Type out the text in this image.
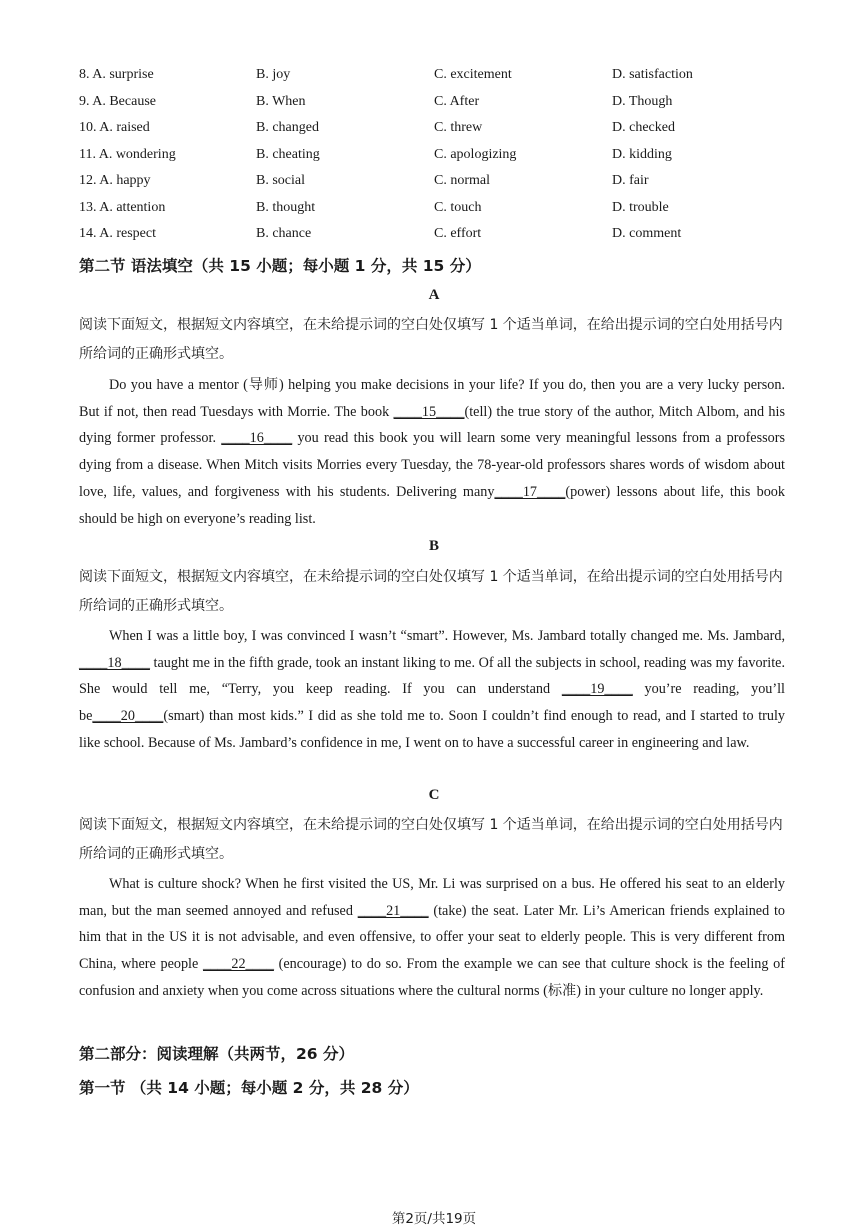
8. A. surprise	B. joy	C. excitement	D. satisfaction
9. A. Because	B. When	C. After	D. Though
10. A. raised	B. changed	C. threw	D. checked
11. A. wondering	B. cheating	C. apologizing	D. kidding
12. A. happy	B. social	C. normal	D. fair
13. A. attention	B. thought	C. touch	D. trouble
14. A. respect	B. chance	C. effort	D. comment
第二节 语法填空（共 15 小题；每小题 1 分，共 15 分）
A
阅读下面短文，根据短文内容填空，在未给提示词的空白处仅填写 1 个适当单词，在给出提示词的空白处用括号内所给词的正确形式填空。
Do you have a mentor (导师) helping you make decisions in your life? If you do, then you are a very lucky person. But if not, then read Tuesdays with Morrie. The book ____15____(tell) the true story of the author, Mitch Albom, and his dying former professor. ____16____ you read this book you will learn some very meaningful lessons from a professors dying from a disease. When Mitch visits Morries every Tuesday, the 78-year-old professors shares words of wisdom about love, life, values, and forgiveness with his students. Delivering many____17____(power) lessons about life, this book should be high on everyone’s reading list.
B
阅读下面短文，根据短文内容填空，在未给提示词的空白处仅填写 1 个适当单词，在给出提示词的空白处用括号内所给词的正确形式填空。
When I was a little boy, I was convinced I wasn’t “smart”. However, Ms. Jambard totally changed me. Ms. Jambard, ____18____ taught me in the fifth grade, took an instant liking to me. Of all the subjects in school, reading was my favorite. She would tell me, “Terry, you keep reading. If you can understand ____19____ you’re reading, you’ll be____20____(smart) than most kids.” I did as she told me to. Soon I couldn’t find enough to read, and I started to truly like school. Because of Ms. Jambard’s confidence in me, I went on to have a successful career in engineering and law.
C
阅读下面短文，根据短文内容填空，在未给提示词的空白处仅填写 1 个适当单词，在给出提示词的空白处用括号内所给词的正确形式填空。
What is culture shock? When he first visited the US, Mr. Li was surprised on a bus. He offered his seat to an elderly man, but the man seemed annoyed and refused ____21____ (take) the seat. Later Mr. Li’s American friends explained to him that in the US it is not advisable, and even offensive, to offer your seat to elderly people. This is very different from China, where people ____22____ (encourage) to do so. From the example we can see that culture shock is the feeling of confusion and anxiety when you come across situations where the cultural norms (标准) in your culture no longer apply.
第二部分：阅读理解（共两节，26 分）
第一节 （共 14 小题；每小题 2 分，共 28 分）
第2页/共19页
